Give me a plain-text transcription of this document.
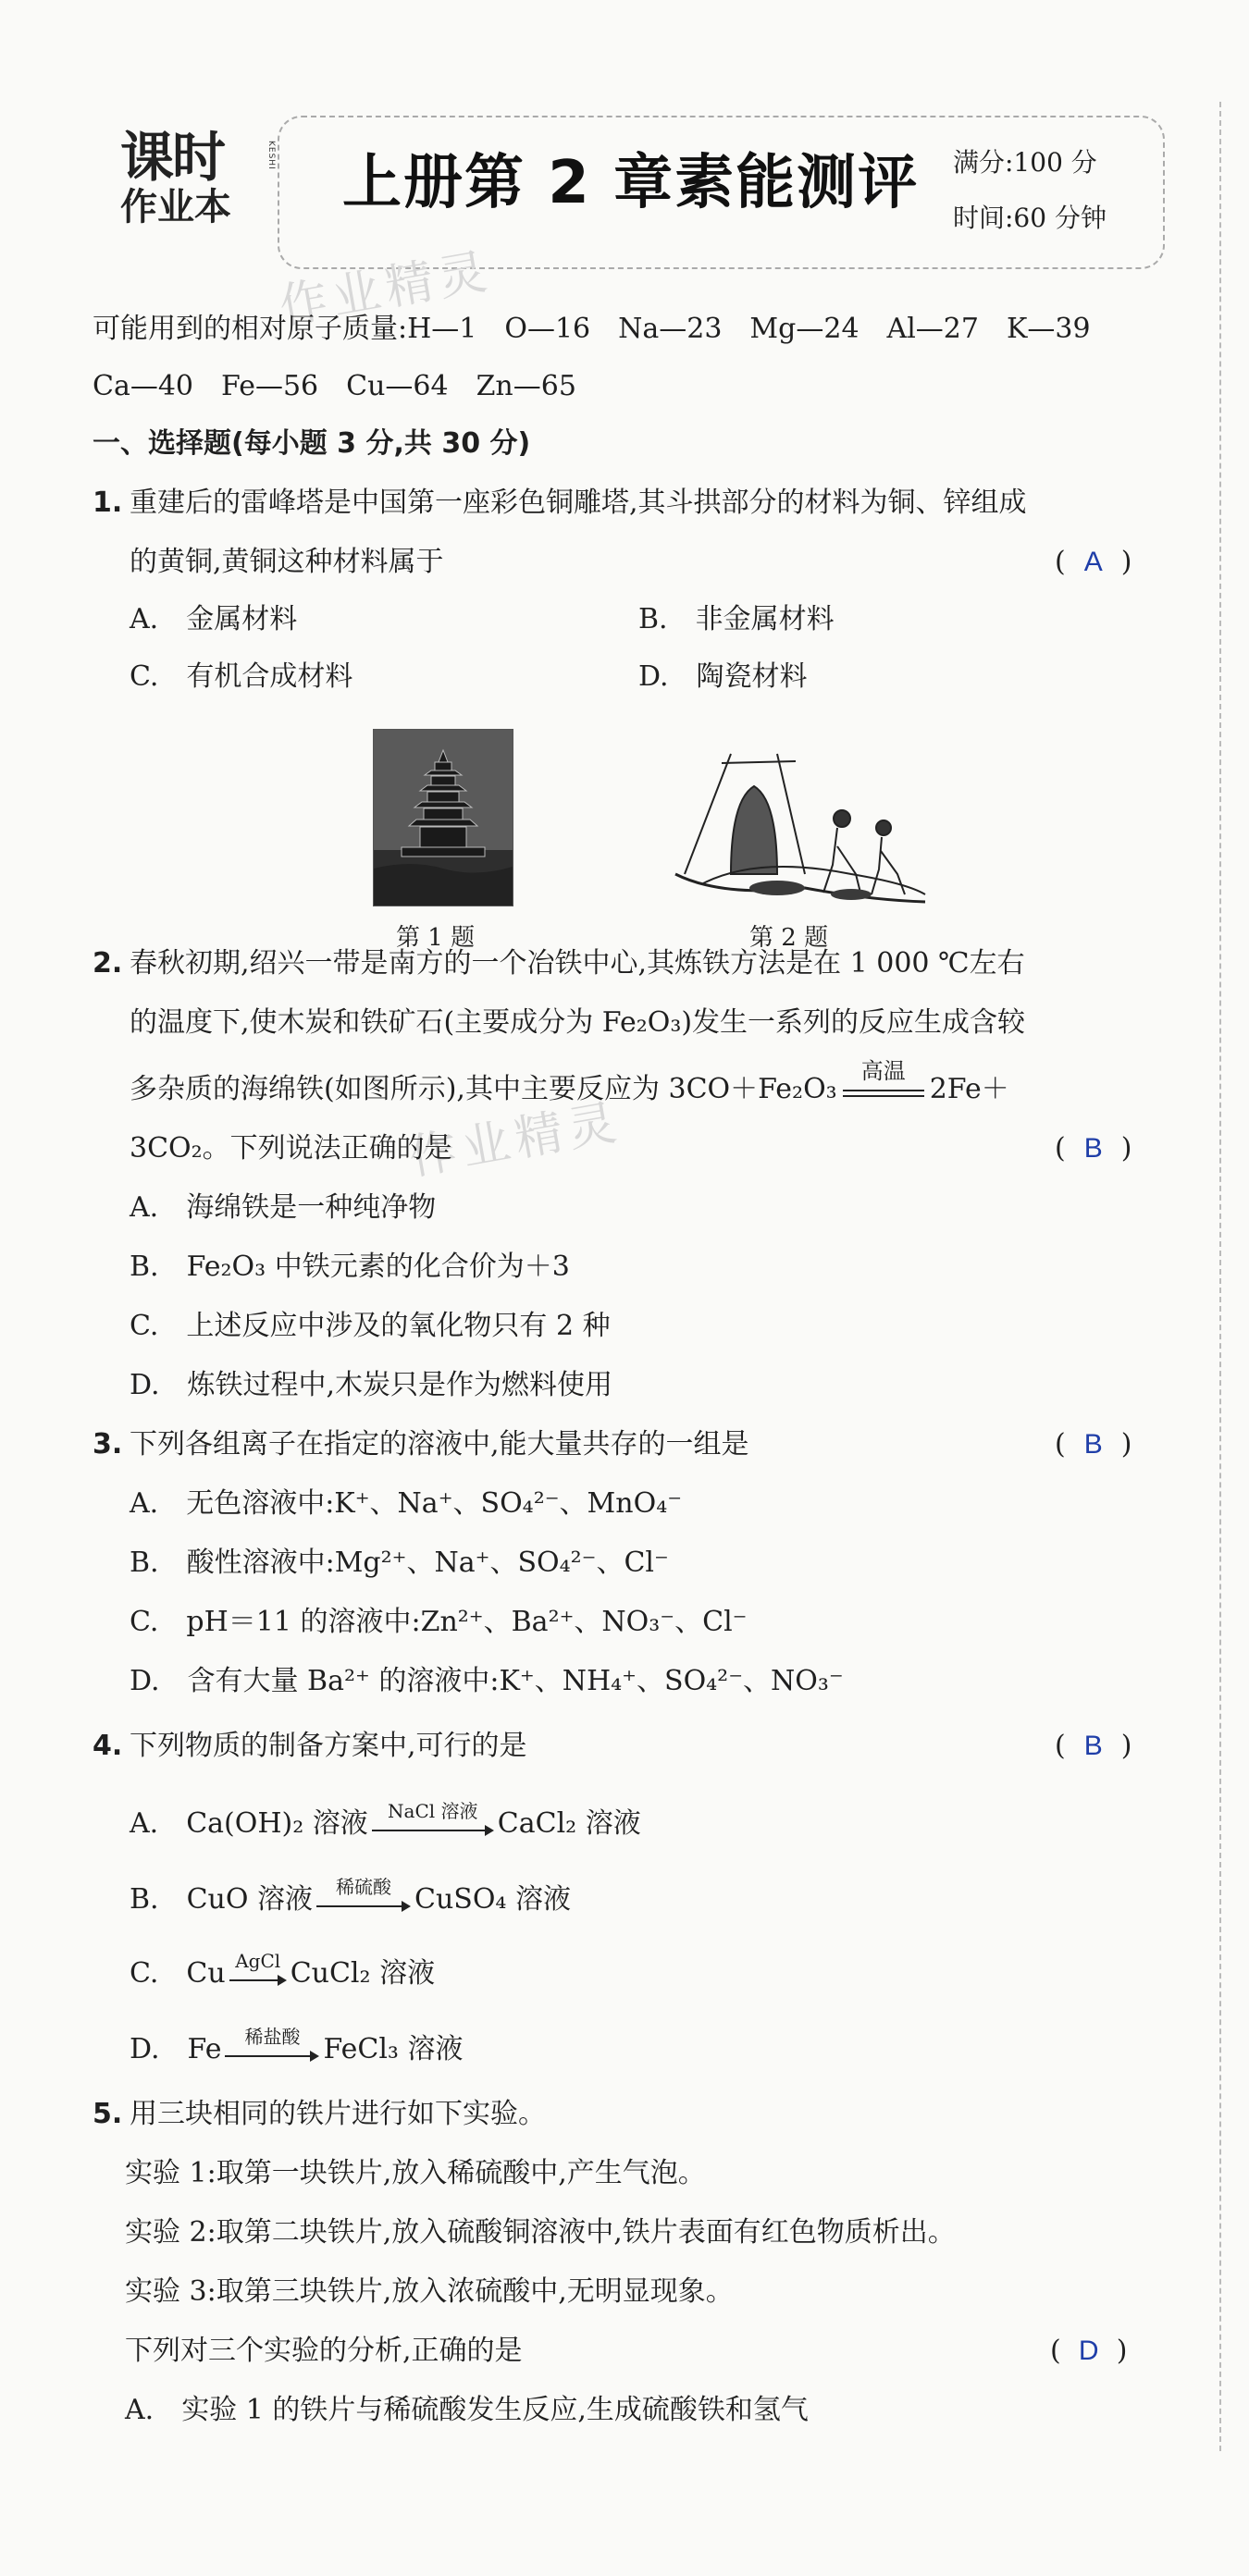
课时
作业本
KESHI 上册第 2 章素能测评 满分:100 分
时间:60 分钟
作业精灵
作业精灵
可能用到的相对原子质量:H—1　O—16　Na—23　Mg—24　Al—27　K—39
Ca—40　Fe—56　Cu—64　Zn—65
一、选择题(每小题 3 分,共 30 分)
1. 重建后的雷峰塔是中国第一座彩色铜雕塔,其斗拱部分的材料为铜、锌组成
的黄铜,黄铜这种材料属于	( A )
A.　金属材料	B.　非金属材料
C.　有机合成材料	D.　陶瓷材料
第 1 题	第 2 题
2. 春秋初期,绍兴一带是南方的一个冶铁中心,其炼铁方法是在 1 000 ℃左右
的温度下,使木炭和铁矿石(主要成分为 Fe₂O₃)发生一系列的反应生成含较
多杂质的海绵铁(如图所示),其中主要反应为 3CO＋Fe₂O₃
高温
2Fe＋
3CO₂。下列说法正确的是	( B )
A.　海绵铁是一种纯净物
B.　Fe₂O₃ 中铁元素的化合价为＋3
C.　上述反应中涉及的氧化物只有 2 种
D.　炼铁过程中,木炭只是作为燃料使用
3. 下列各组离子在指定的溶液中,能大量共存的一组是	( B )
A.　无色溶液中:K⁺、Na⁺、SO₄²⁻、MnO₄⁻
B.　酸性溶液中:Mg²⁺、Na⁺、SO₄²⁻、Cl⁻
C.　pH＝11 的溶液中:Zn²⁺、Ba²⁺、NO₃⁻、Cl⁻
D.　含有大量 Ba²⁺ 的溶液中:K⁺、NH₄⁺、SO₄²⁻、NO₃⁻
4. 下列物质的制备方案中,可行的是	( B )
A.　Ca(OH)₂ 溶液	NaCl 溶液 CaCl₂ 溶液
B.　CuO 溶液	稀硫酸 CuSO₄ 溶液
C.　Cu AgCl CuCl₂ 溶液
D.　Fe	稀盐酸 FeCl₃ 溶液
5. 用三块相同的铁片进行如下实验。
实验 1:取第一块铁片,放入稀硫酸中,产生气泡。
实验 2:取第二块铁片,放入硫酸铜溶液中,铁片表面有红色物质析出。
实验 3:取第三块铁片,放入浓硫酸中,无明显现象。
下列对三个实验的分析,正确的是	( D )
A.　实验 1 的铁片与稀硫酸发生反应,生成硫酸铁和氢气
